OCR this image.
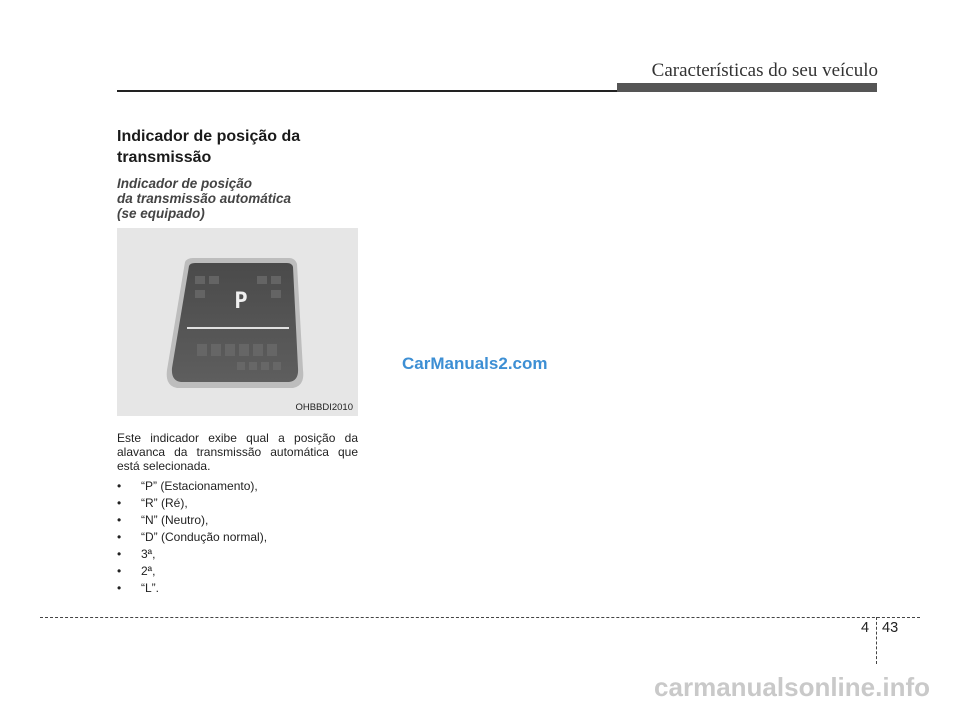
Características do seu veículo
Indicador de posição da transmissão
Indicador de posição
da transmissão automática
(se equipado)
P
OHBBDI2010
Este indicador exibe qual a posição da alavanca da transmissão automática que está selecionada.
• “P” (Estacionamento),
• “R” (Ré),
• “N” (Neutro),
• “D” (Condução normal),
• 3ª,
• 2ª,
• “L”.
CarManuals2.com
4 43
carmanualsonline.info
